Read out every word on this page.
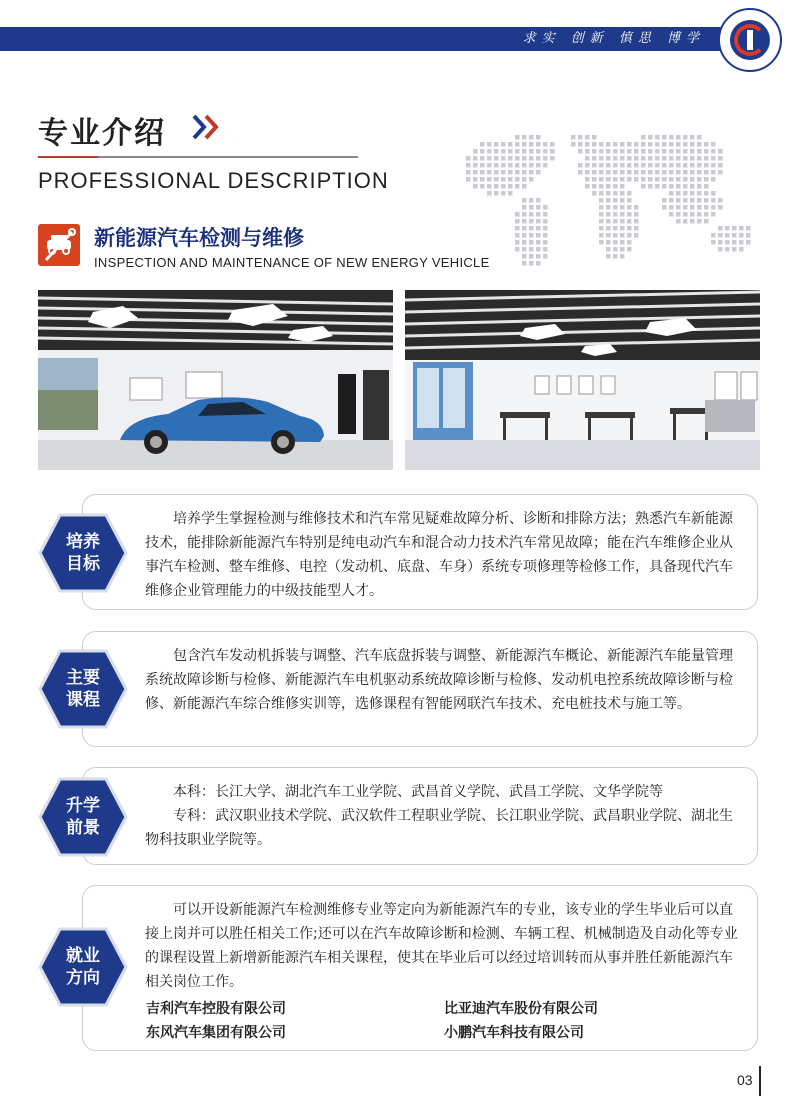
求实 创新 慎思 博学
专业介绍
PROFESSIONAL DESCRIPTION
新能源汽车检测与维修
INSPECTION AND MAINTENANCE OF NEW ENERGY VEHICLE

培养学生掌握检测与维修技术和汽车常见疑难故障分析、诊断和排除方法；熟悉汽车新能源技术，能排除新能源汽车特别是纯电动汽车和混合动力技术汽车常见故障；能在汽车维修企业从事汽车检测、整车维修、电控（发动机、底盘、车身）系统专项修理等检修工作，具备现代汽车维修企业管理能力的中级技能型人才。

培养
目标

包含汽车发动机拆装与调整、汽车底盘拆装与调整、新能源汽车概论、新能源汽车能量管理系统故障诊断与检修、新能源汽车电机驱动系统故障诊断与检修、发动机电控系统故障诊断与检修、新能源汽车综合维修实训等，选修课程有智能网联汽车技术、充电桩技术与施工等。

主要
课程

本科：长江大学、湖北汽车工业学院、武昌首义学院、武昌工学院、文华学院等

专科：武汉职业技术学院、武汉软件工程职业学院、长江职业学院、武昌职业学院、湖北生物科技职业学院等。

升学
前景

可以开设新能源汽车检测维修专业等定向为新能源汽车的专业，该专业的学生毕业后可以直接上岗并可以胜任相关工作;还可以在汽车故障诊断和检测、车辆工程、机械制造及自动化等专业的课程设置上新增新能源汽车相关课程，使其在毕业后可以经过培训转而从事并胜任新能源汽车相关岗位工作。

吉利汽车控股有限公司	比亚迪汽车股份有限公司
东风汽车集团有限公司	小鹏汽车科技有限公司
就业
方向
03
